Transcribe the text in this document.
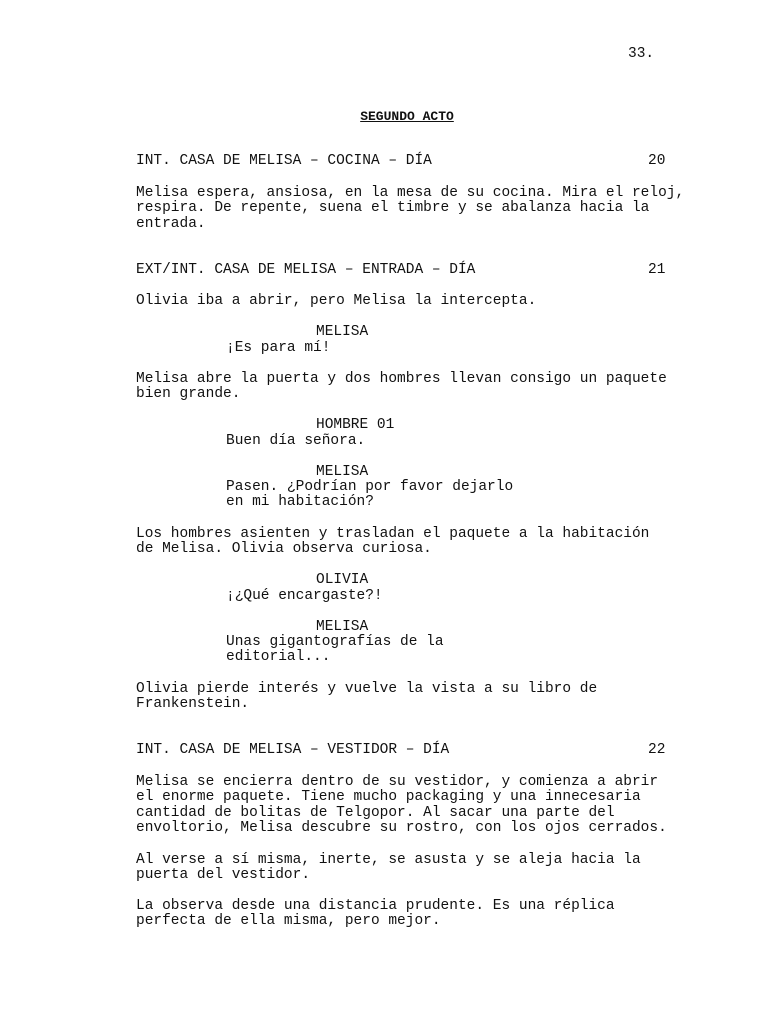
33.
SEGUNDO ACTO
INT. CASA DE MELISA – COCINA – DÍA	20
Melisa espera, ansiosa, en la mesa de su cocina. Mira el reloj,
respira. De repente, suena el timbre y se abalanza hacia la
entrada.
EXT/INT. CASA DE MELISA – ENTRADA – DÍA	21
Olivia iba a abrir, pero Melisa la intercepta.
MELISA
¡Es para mí!
Melisa abre la puerta y dos hombres llevan consigo un paquete
bien grande.
HOMBRE 01
Buen día señora.
MELISA
Pasen. ¿Podrían por favor dejarlo
en mi habitación?
Los hombres asienten y trasladan el paquete a la habitación
de Melisa. Olivia observa curiosa.
OLIVIA
¡¿Qué encargaste?!
MELISA
Unas gigantografías de la
editorial...
Olivia pierde interés y vuelve la vista a su libro de
Frankenstein.
INT. CASA DE MELISA – VESTIDOR – DÍA	22
Melisa se encierra dentro de su vestidor, y comienza a abrir
el enorme paquete. Tiene mucho packaging y una innecesaria
cantidad de bolitas de Telgopor. Al sacar una parte del
envoltorio, Melisa descubre su rostro, con los ojos cerrados.
Al verse a sí misma, inerte, se asusta y se aleja hacia la
puerta del vestidor.
La observa desde una distancia prudente. Es una réplica
perfecta de ella misma, pero mejor.
